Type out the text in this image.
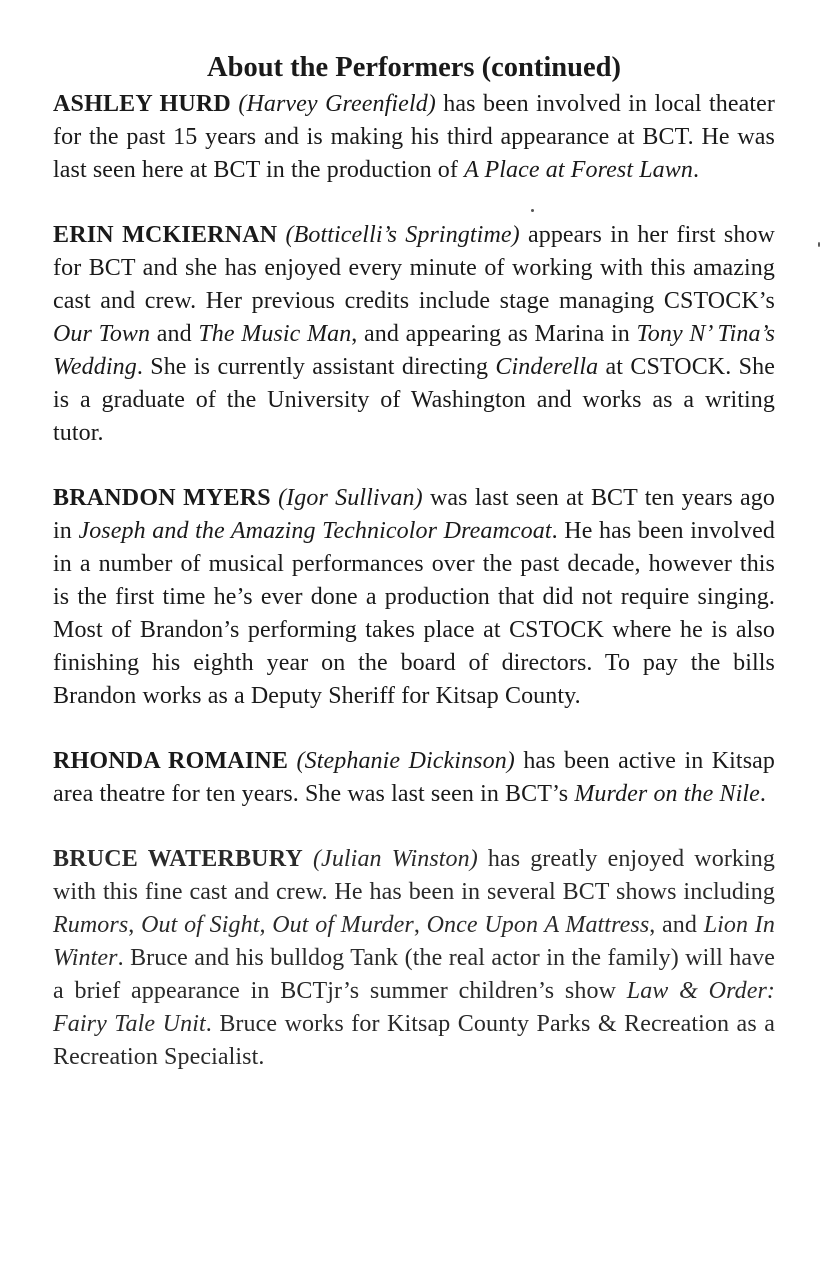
About the Performers (continued)

ASHLEY HURD (Harvey Greenfield) has been involved in local theater for the past 15 years and is making his third appearance at BCT. He was last seen here at BCT in the production of A Place at Forest Lawn.

ERIN MCKIERNAN (Botticelli’s Springtime) appears in her first show for BCT and she has enjoyed every minute of working with this amazing cast and crew. Her previous credits include stage managing CSTOCK’s Our Town and The Music Man, and appearing as Marina in Tony N’ Tina’s Wedding. She is currently assistant directing Cinderella at CSTOCK. She is a graduate of the University of Washington and works as a writing tutor.

BRANDON MYERS (Igor Sullivan) was last seen at BCT ten years ago in Joseph and the Amazing Technicolor Dreamcoat. He has been involved in a number of musical performances over the past decade, however this is the first time he’s ever done a production that did not require singing. Most of Brandon’s performing takes place at CSTOCK where he is also finishing his eighth year on the board of directors. To pay the bills Brandon works as a Deputy Sheriff for Kitsap County.

RHONDA ROMAINE (Stephanie Dickinson) has been active in Kitsap area theatre for ten years. She was last seen in BCT’s Murder on the Nile.

BRUCE WATERBURY (Julian Winston) has greatly enjoyed working with this fine cast and crew. He has been in several BCT shows including Rumors, Out of Sight, Out of Murder, Once Upon A Mattress, and Lion In Winter. Bruce and his bulldog Tank (the real actor in the family) will have a brief appearance in BCTjr’s summer children’s show Law & Order: Fairy Tale Unit. Bruce works for Kitsap County Parks & Recreation as a Recreation Specialist.
